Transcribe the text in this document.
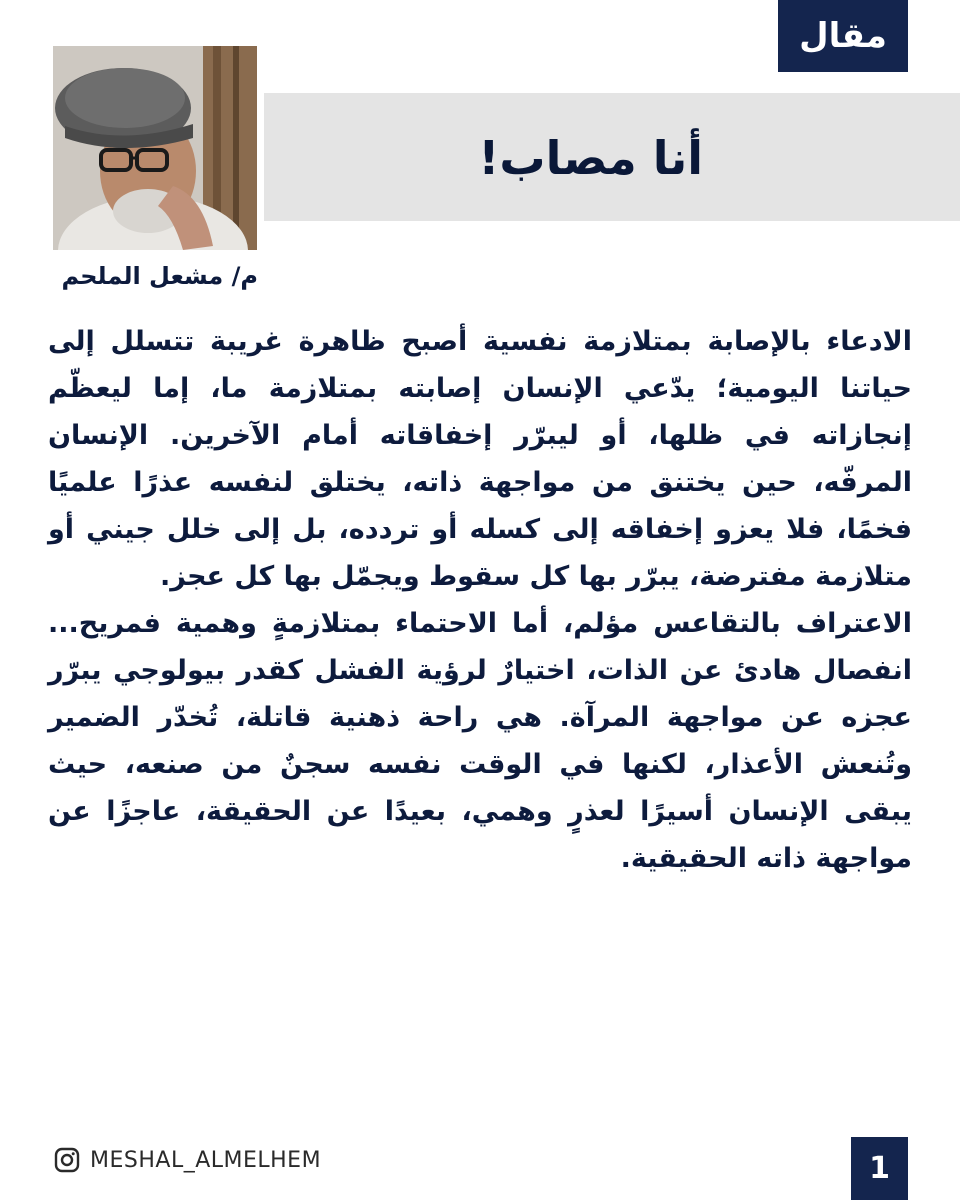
مقال
أنا مصاب!
م/ مشعل الملحم

الادعاء بالإصابة بمتلازمة نفسية أصبح ظاهرة غريبة تتسلل إلى حياتنا اليومية؛ يدّعي الإنسان إصابته بمتلازمة ما، إما ليعظّم إنجازاته في ظلها، أو ليبرّر إخفاقاته أمام الآخرين. الإنسان المرفّه، حين يختنق من مواجهة ذاته، يختلق لنفسه عذرًا علميًا فخمًا، فلا يعزو إخفاقه إلى كسله أو تردده، بل إلى خلل جيني أو متلازمة مفترضة، يبرّر بها كل سقوط ويجمّل بها كل عجز.

الاعتراف بالتقاعس مؤلم، أما الاحتماء بمتلازمةٍ وهمية فمريح... انفصال هادئ عن الذات، اختيارٌ لرؤية الفشل كقدر بيولوجي يبرّر عجزه عن مواجهة المرآة. هي راحة ذهنية قاتلة، تُخدّر الضمير وتُنعش الأعذار، لكنها في الوقت نفسه سجنٌ من صنعه، حيث يبقى الإنسان أسيرًا لعذرٍ وهمي، بعيدًا عن الحقيقة، عاجزًا عن مواجهة ذاته الحقيقية.

MESHAL_ALMELHEM	1
